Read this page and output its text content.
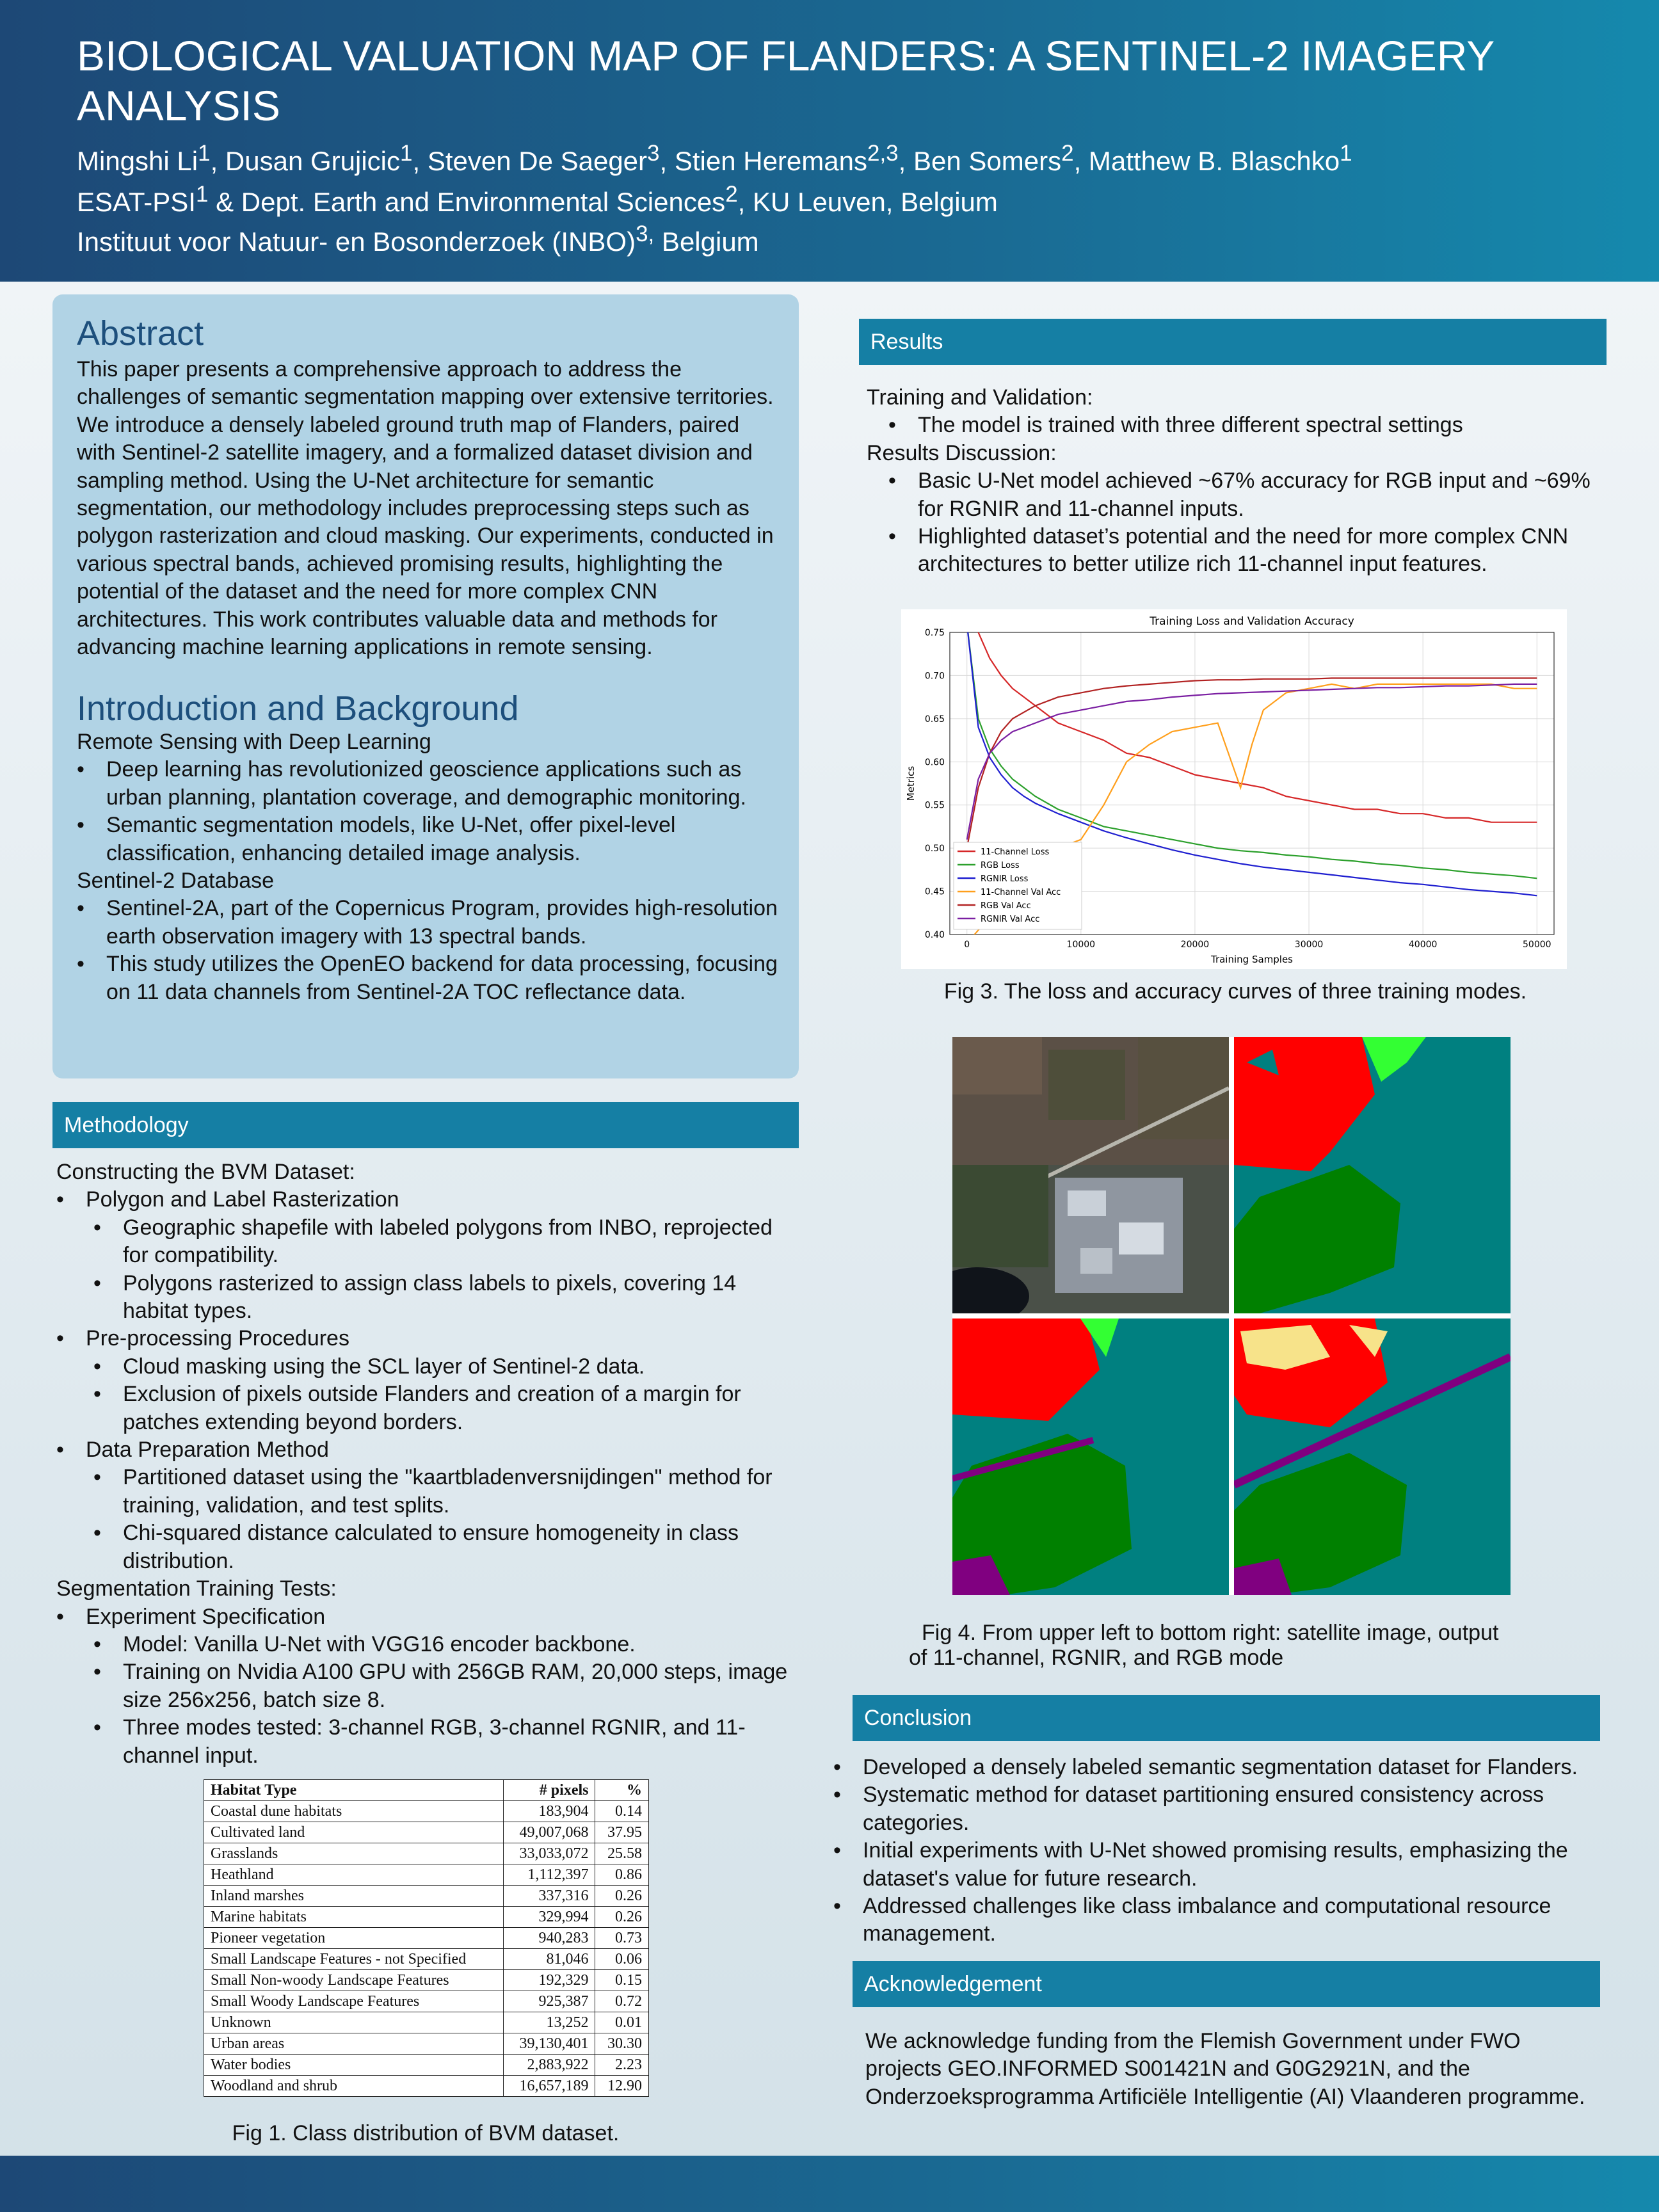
BIOLOGICAL VALUATION MAP OF FLANDERS: A SENTINEL-2 IMAGERY ANALYSIS
Mingshi Li$^1$, Dusan Grujicic$^1$, Steven De Saeger$^3$, Stien Heremans$^{2,3}$, Ben Somers$^2$, Matthew B. Blaschko$^1$
ESAT-PSI$^1$ & Dept. Earth and Environmental Sciences$^2$, KU Leuven, Belgium
Instituut voor Natuur- en Bosonderzoek (INBO)$^{3,}$ Belgium
Abstract
This paper presents a comprehensive approach to address the challenges of semantic segmentation mapping over extensive territories. We introduce a densely labeled ground truth map of Flanders, paired with Sentinel-2 satellite imagery, and a formalized dataset division and sampling method. Using the U-Net architecture for semantic segmentation, our methodology includes preprocessing steps such as polygon rasterization and cloud masking. Our experiments, conducted in various spectral bands, achieved promising results, highlighting the potential of the dataset and the need for more complex CNN architectures. This work contributes valuable data and methods for advancing machine learning applications in remote sensing.
Introduction and Background
Remote Sensing with Deep Learning
• Deep learning has revolutionized geoscience applications such as urban planning, plantation coverage, and demographic monitoring.
• Semantic segmentation models, like U-Net, offer pixel-level classification, enhancing detailed image analysis.
Sentinel-2 Database
• Sentinel-2A, part of the Copernicus Program, provides high-resolution earth observation imagery with 13 spectral bands.
• This study utilizes the OpenEO backend for data processing, focusing on 11 data channels from Sentinel-2A TOC reflectance data.
Methodology
Constructing the BVM Dataset:
• Polygon and Label Rasterization
• Geographic shapefile with labeled polygons from INBO, reprojected for compatibility.
• Polygons rasterized to assign class labels to pixels, covering 14 habitat types.
• Pre-processing Procedures
• Cloud masking using the SCL layer of Sentinel-2 data.
• Exclusion of pixels outside Flanders and creation of a margin for patches extending beyond borders.
• Data Preparation Method
• Partitioned dataset using the "kaartbladenversnijdingen" method for training, validation, and test splits.
• Chi-squared distance calculated to ensure homogeneity in class distribution.
Segmentation Training Tests:
• Experiment Specification
• Model: Vanilla U-Net with VGG16 encoder backbone.
• Training on Nvidia A100 GPU with 256GB RAM, 20,000 steps, image size 256x256, batch size 8.
• Three modes tested: 3-channel RGB, 3-channel RGNIR, and 11-channel input.
Habitat Type	# pixels	%
Coastal dune habitats	183,904	0.14
Cultivated land	49,007,068	37.95
Grasslands	33,033,072	25.58
Heathland	1,112,397	0.86
Inland marshes	337,316	0.26
Marine habitats	329,994	0.26
Pioneer vegetation	940,283	0.73
Small Landscape Features - not Specified	81,046	0.06
Small Non-woody Landscape Features	192,329	0.15
Small Woody Landscape Features	925,387	0.72
Unknown	13,252	0.01
Urban areas	39,130,401	30.30
Water bodies	2,883,922	2.23
Woodland and shrub	16,657,189	12.90
Fig 1. Class distribution of BVM dataset.
Results
Training and Validation:
• The model is trained with three different spectral settings
Results Discussion:
• Basic U-Net model achieved ~67% accuracy for RGB input and ~69% for RGNIR and 11-channel inputs.
• Highlighted dataset’s potential and the need for more complex CNN architectures to better utilize rich 11-channel input features.
0	10000	20000	30000	40000	50000
0.40
0.45
0.50
0.55
0.60
0.65
0.70
0.75
Training Loss and Validation Accuracy
Training Samples
Metrics
11-Channel Loss
RGB Loss
RGNIR Loss
11-Channel Val Acc
RGB Val Acc
RGNIR Val Acc
Fig 3. The loss and accuracy curves of three training modes.
Fig 4. From upper left to bottom right: satellite image, output
of 11-channel, RGNIR, and RGB mode
Conclusion
• Developed a densely labeled semantic segmentation dataset for Flanders.
• Systematic method for dataset partitioning ensured consistency across categories.
• Initial experiments with U-Net showed promising results, emphasizing the dataset's value for future research.
• Addressed challenges like class imbalance and computational resource management.
Acknowledgement
We acknowledge funding from the Flemish Government under FWO projects GEO.INFORMED S001421N and G0G2921N, and the Onderzoeksprogramma Artificiële Intelligentie (AI) Vlaanderen programme.
